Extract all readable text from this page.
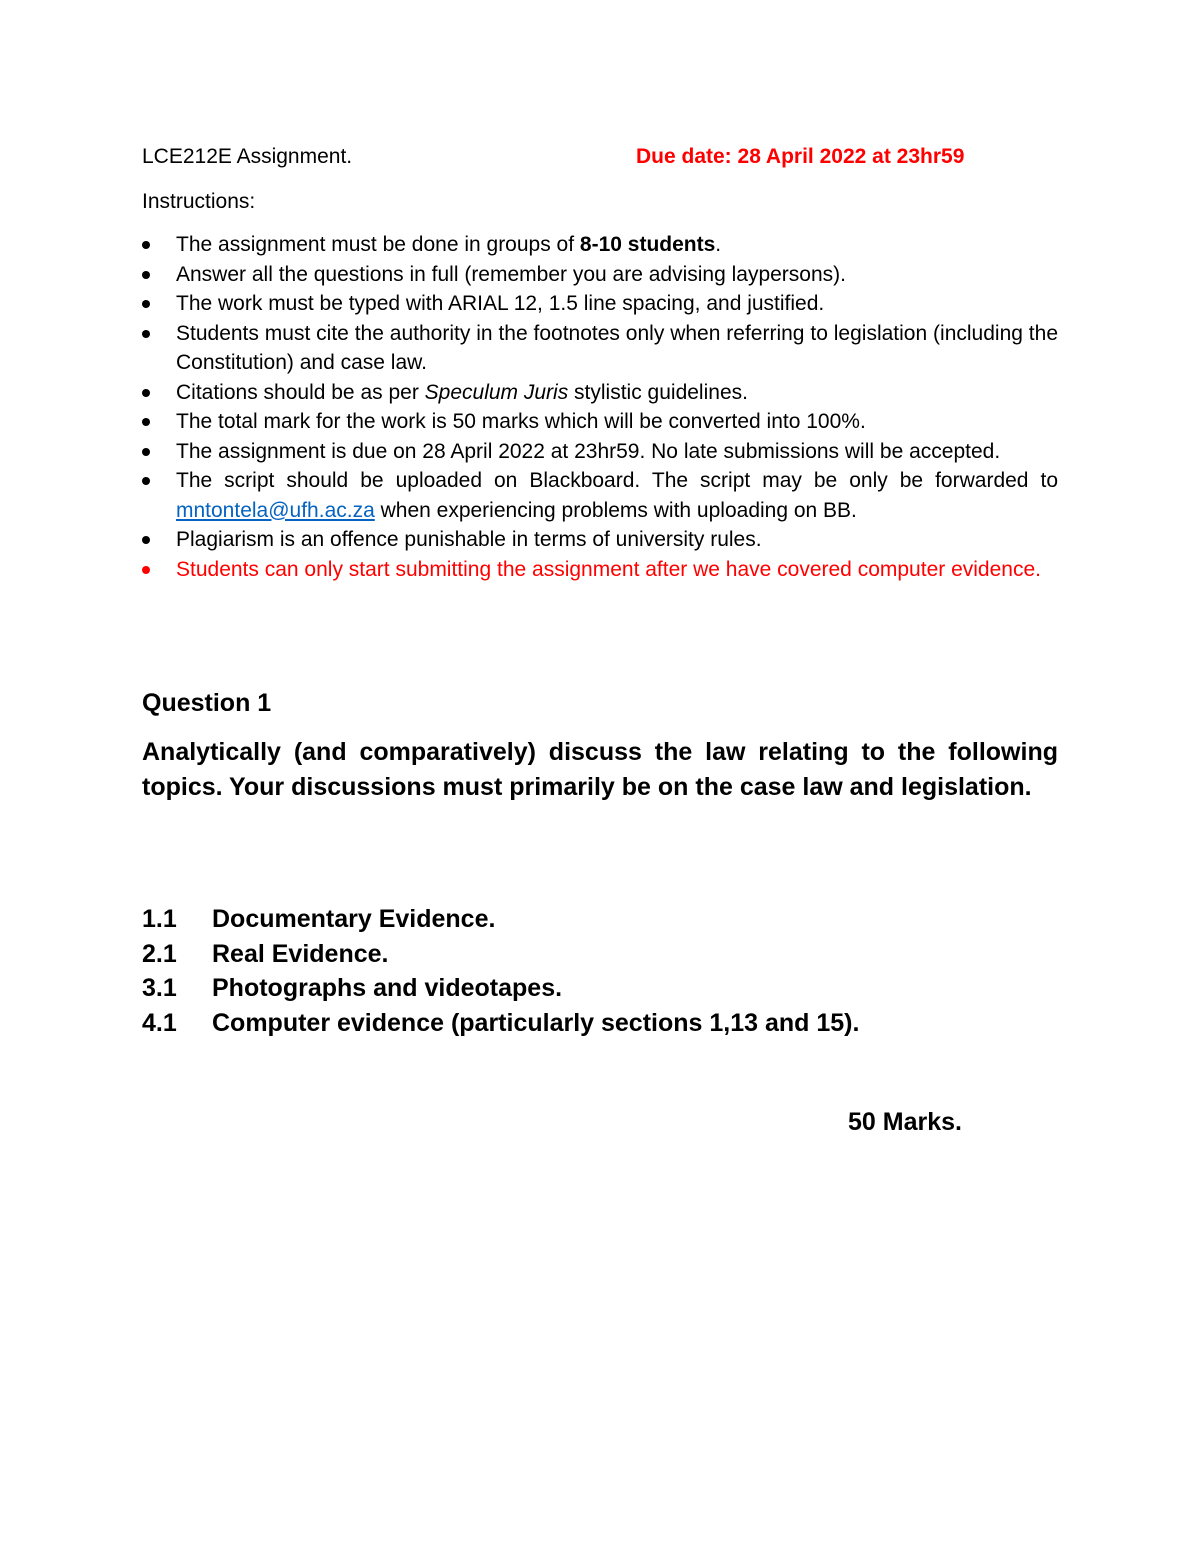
LCE212E Assignment.	Due date: 28 April 2022 at 23hr59
Instructions:
The assignment must be done in groups of 8-10 students.
Answer all the questions in full (remember you are advising laypersons).
The work must be typed with ARIAL 12, 1.5 line spacing, and justified.
Students must cite the authority in the footnotes only when referring to legislation (including the Constitution) and case law.
Citations should be as per Speculum Juris stylistic guidelines.
The total mark for the work is 50 marks which will be converted into 100%.
The assignment is due on 28 April 2022 at 23hr59. No late submissions will be accepted.
The script should be uploaded on Blackboard. The script may be only be forwarded to mntontela@ufh.ac.za when experiencing problems with uploading on BB.
Plagiarism is an offence punishable in terms of university rules.
Students can only start submitting the assignment after we have covered computer evidence.
Question 1

Analytically (and comparatively) discuss the law relating to the following topics. Your discussions must primarily be on the case law and legislation.

1.1 Documentary Evidence.
2.1 Real Evidence.
3.1 Photographs and videotapes.
4.1 Computer evidence (particularly sections 1,13 and 15).
50 Marks.
